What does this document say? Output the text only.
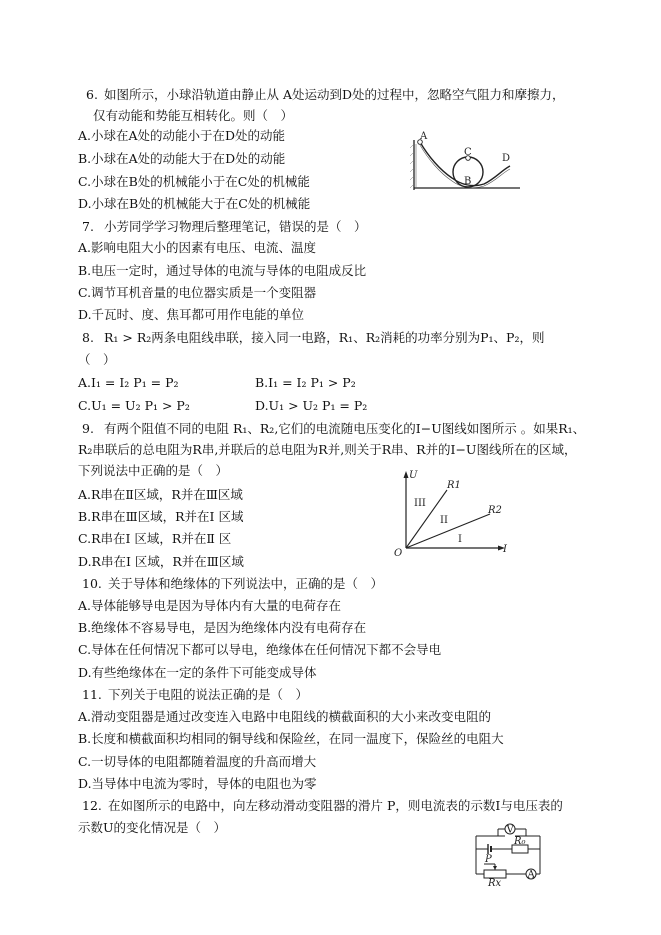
6. 如图所示，小球沿轨道由静止从 A处运动到D处的过程中，忽略空气阻力和摩擦力，
仅有动能和势能互相转化。则（　）
A.小球在A处的动能小于在D处的动能
B.小球在A处的动能大于在D处的动能
C.小球在B处的机械能小于在C处的机械能
D.小球在B处的机械能大于在C处的机械能
A
C
B
D
7. 小芳同学学习物理后整理笔记，错误的是（　）
A.影响电阻大小的因素有电压、电流、温度
B.电压一定时，通过导体的电流与导体的电阻成反比
C.调节耳机音量的电位器实质是一个变阻器
D.千瓦时、度、焦耳都可用作电能的单位
8. R₁ > R₂两条电阻线串联，接入同一电路，R₁、R₂消耗的功率分别为P₁、P₂，则
（　）
A.I₁ = I₂ P₁ = P₂	B.I₁ = I₂ P₁ > P₂
C.U₁ = U₂ P₁ > P₂	D.U₁ > U₂ P₁ = P₂
9. 有两个阻值不同的电阻 R₁、R₂,它们的电流随电压变化的I−U图线如图所示 。如果R₁、
R₂串联后的总电阻为R串,并联后的总电阻为R并,则关于R串、R并的I−U图线所在的区域，
下列说法中正确的是（　）
A.R串在Ⅱ区域，R并在Ⅲ区域
B.R串在Ⅲ区域，R并在Ⅰ 区域
C.R串在Ⅰ 区域，R并在Ⅱ 区
D.R串在Ⅰ 区域，R并在Ⅲ区域
U
I
O
R1
R2
III
II
I
10. 关于导体和绝缘体的下列说法中，正确的是（　）
A.导体能够导电是因为导体内有大量的电荷存在
B.绝缘体不容易导电，是因为绝缘体内没有电荷存在
C.导体在任何情况下都可以导电，绝缘体在任何情况下都不会导电
D.有些绝缘体在一定的条件下可能变成导体
11. 下列关于电阻的说法正确的是（　）
A.滑动变阻器是通过改变连入电路中电阻线的横截面积的大小来改变电阻的
B.长度和横截面积均相同的铜导线和保险丝，在同一温度下，保险丝的电阻大
C.一切导体的电阻都随着温度的升高而增大
D.当导体中电流为零时，导体的电阻也为零
12. 在如图所示的电路中，向左移动滑动变阻器的滑片 P，则电流表的示数I与电压表的
示数U的变化情况是（　）	V
R₀
P
Rx
A
